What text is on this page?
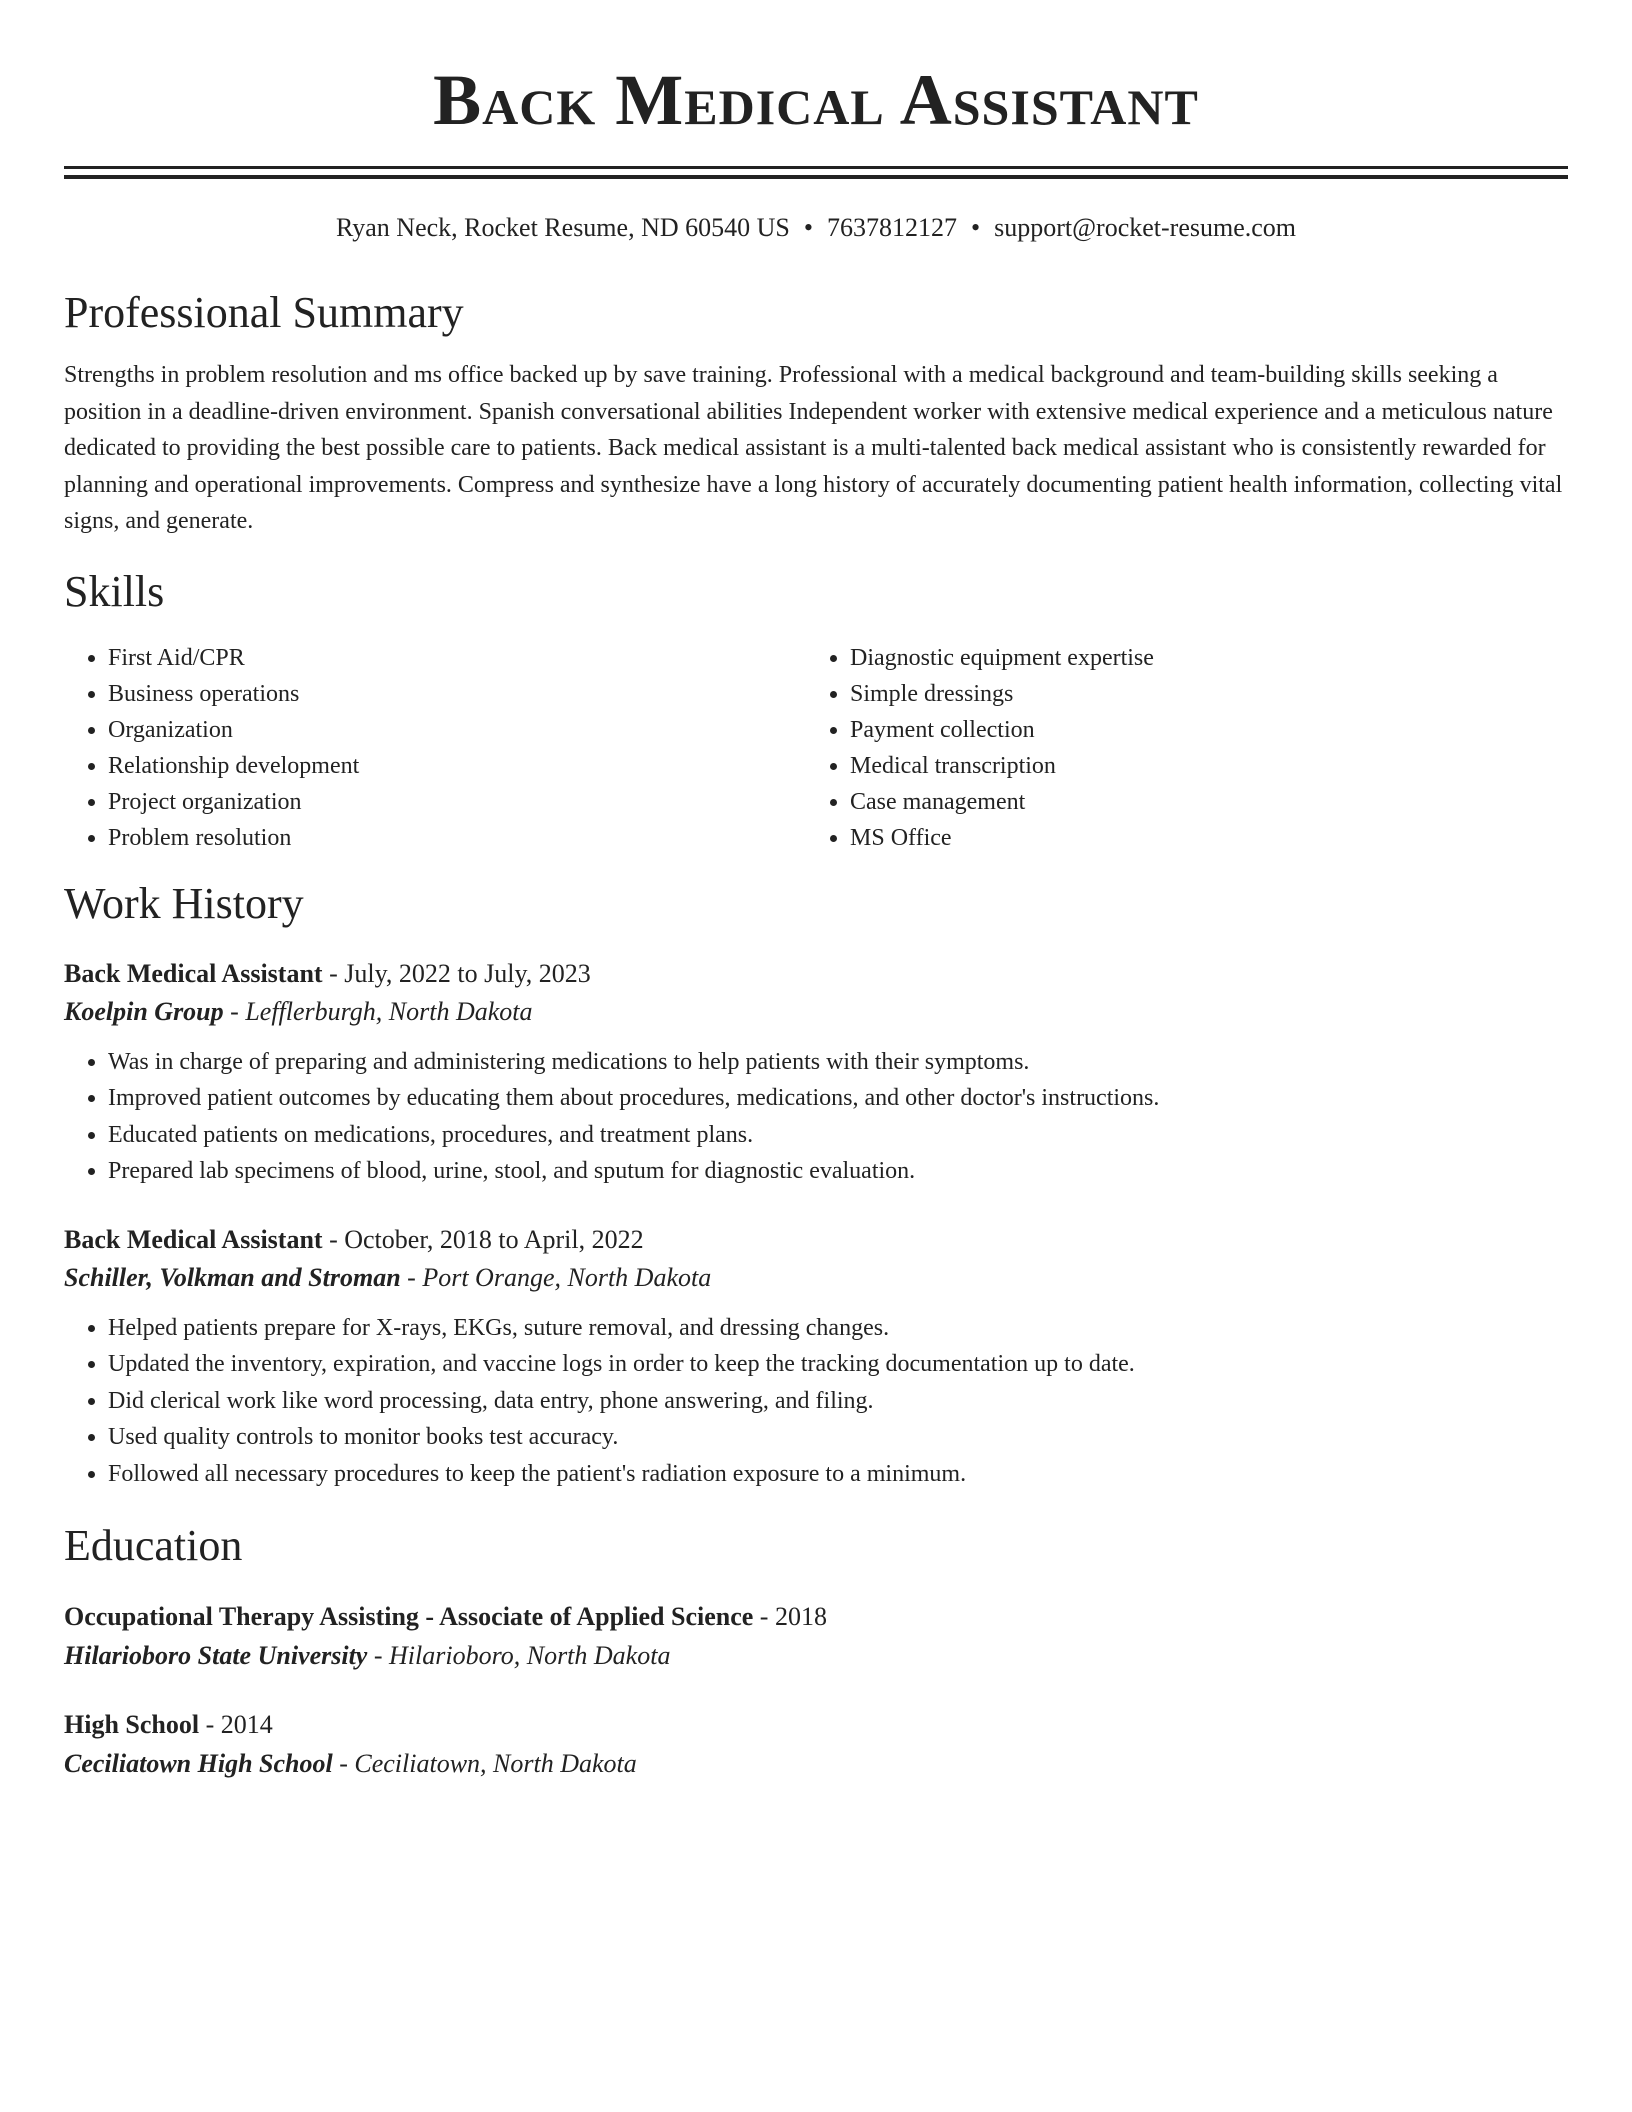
Back Medical Assistant
Ryan Neck, Rocket Resume, ND 60540 US • 7637812127 • support@rocket-resume.com
Professional Summary

Strengths in problem resolution and ms office backed up by save training. Professional with a medical background and team-building skills seeking a position in a deadline-driven environment. Spanish conversational abilities Independent worker with extensive medical experience and a meticulous nature dedicated to providing the best possible care to patients. Back medical assistant is a multi-talented back medical assistant who is consistently rewarded for planning and operational improvements. Compress and synthesize have a long history of accurately documenting patient health information, collecting vital signs, and generate.

Skills
• First Aid/CPR
• Business operations
• Organization
• Relationship development
• Project organization
• Problem resolution
• Diagnostic equipment expertise
• Simple dressings
• Payment collection
• Medical transcription
• Case management
• MS Office
Work History
Back Medical Assistant - July, 2022 to July, 2023
Koelpin Group - Lefflerburgh, North Dakota
• Was in charge of preparing and administering medications to help patients with their symptoms.
• Improved patient outcomes by educating them about procedures, medications, and other doctor's instructions.
• Educated patients on medications, procedures, and treatment plans.
• Prepared lab specimens of blood, urine, stool, and sputum for diagnostic evaluation.
Back Medical Assistant - October, 2018 to April, 2022
Schiller, Volkman and Stroman - Port Orange, North Dakota
• Helped patients prepare for X-rays, EKGs, suture removal, and dressing changes.
• Updated the inventory, expiration, and vaccine logs in order to keep the tracking documentation up to date.
• Did clerical work like word processing, data entry, phone answering, and filing.
• Used quality controls to monitor books test accuracy.
• Followed all necessary procedures to keep the patient's radiation exposure to a minimum.
Education
Occupational Therapy Assisting - Associate of Applied Science - 2018
Hilarioboro State University - Hilarioboro, North Dakota
High School - 2014
Ceciliatown High School - Ceciliatown, North Dakota
